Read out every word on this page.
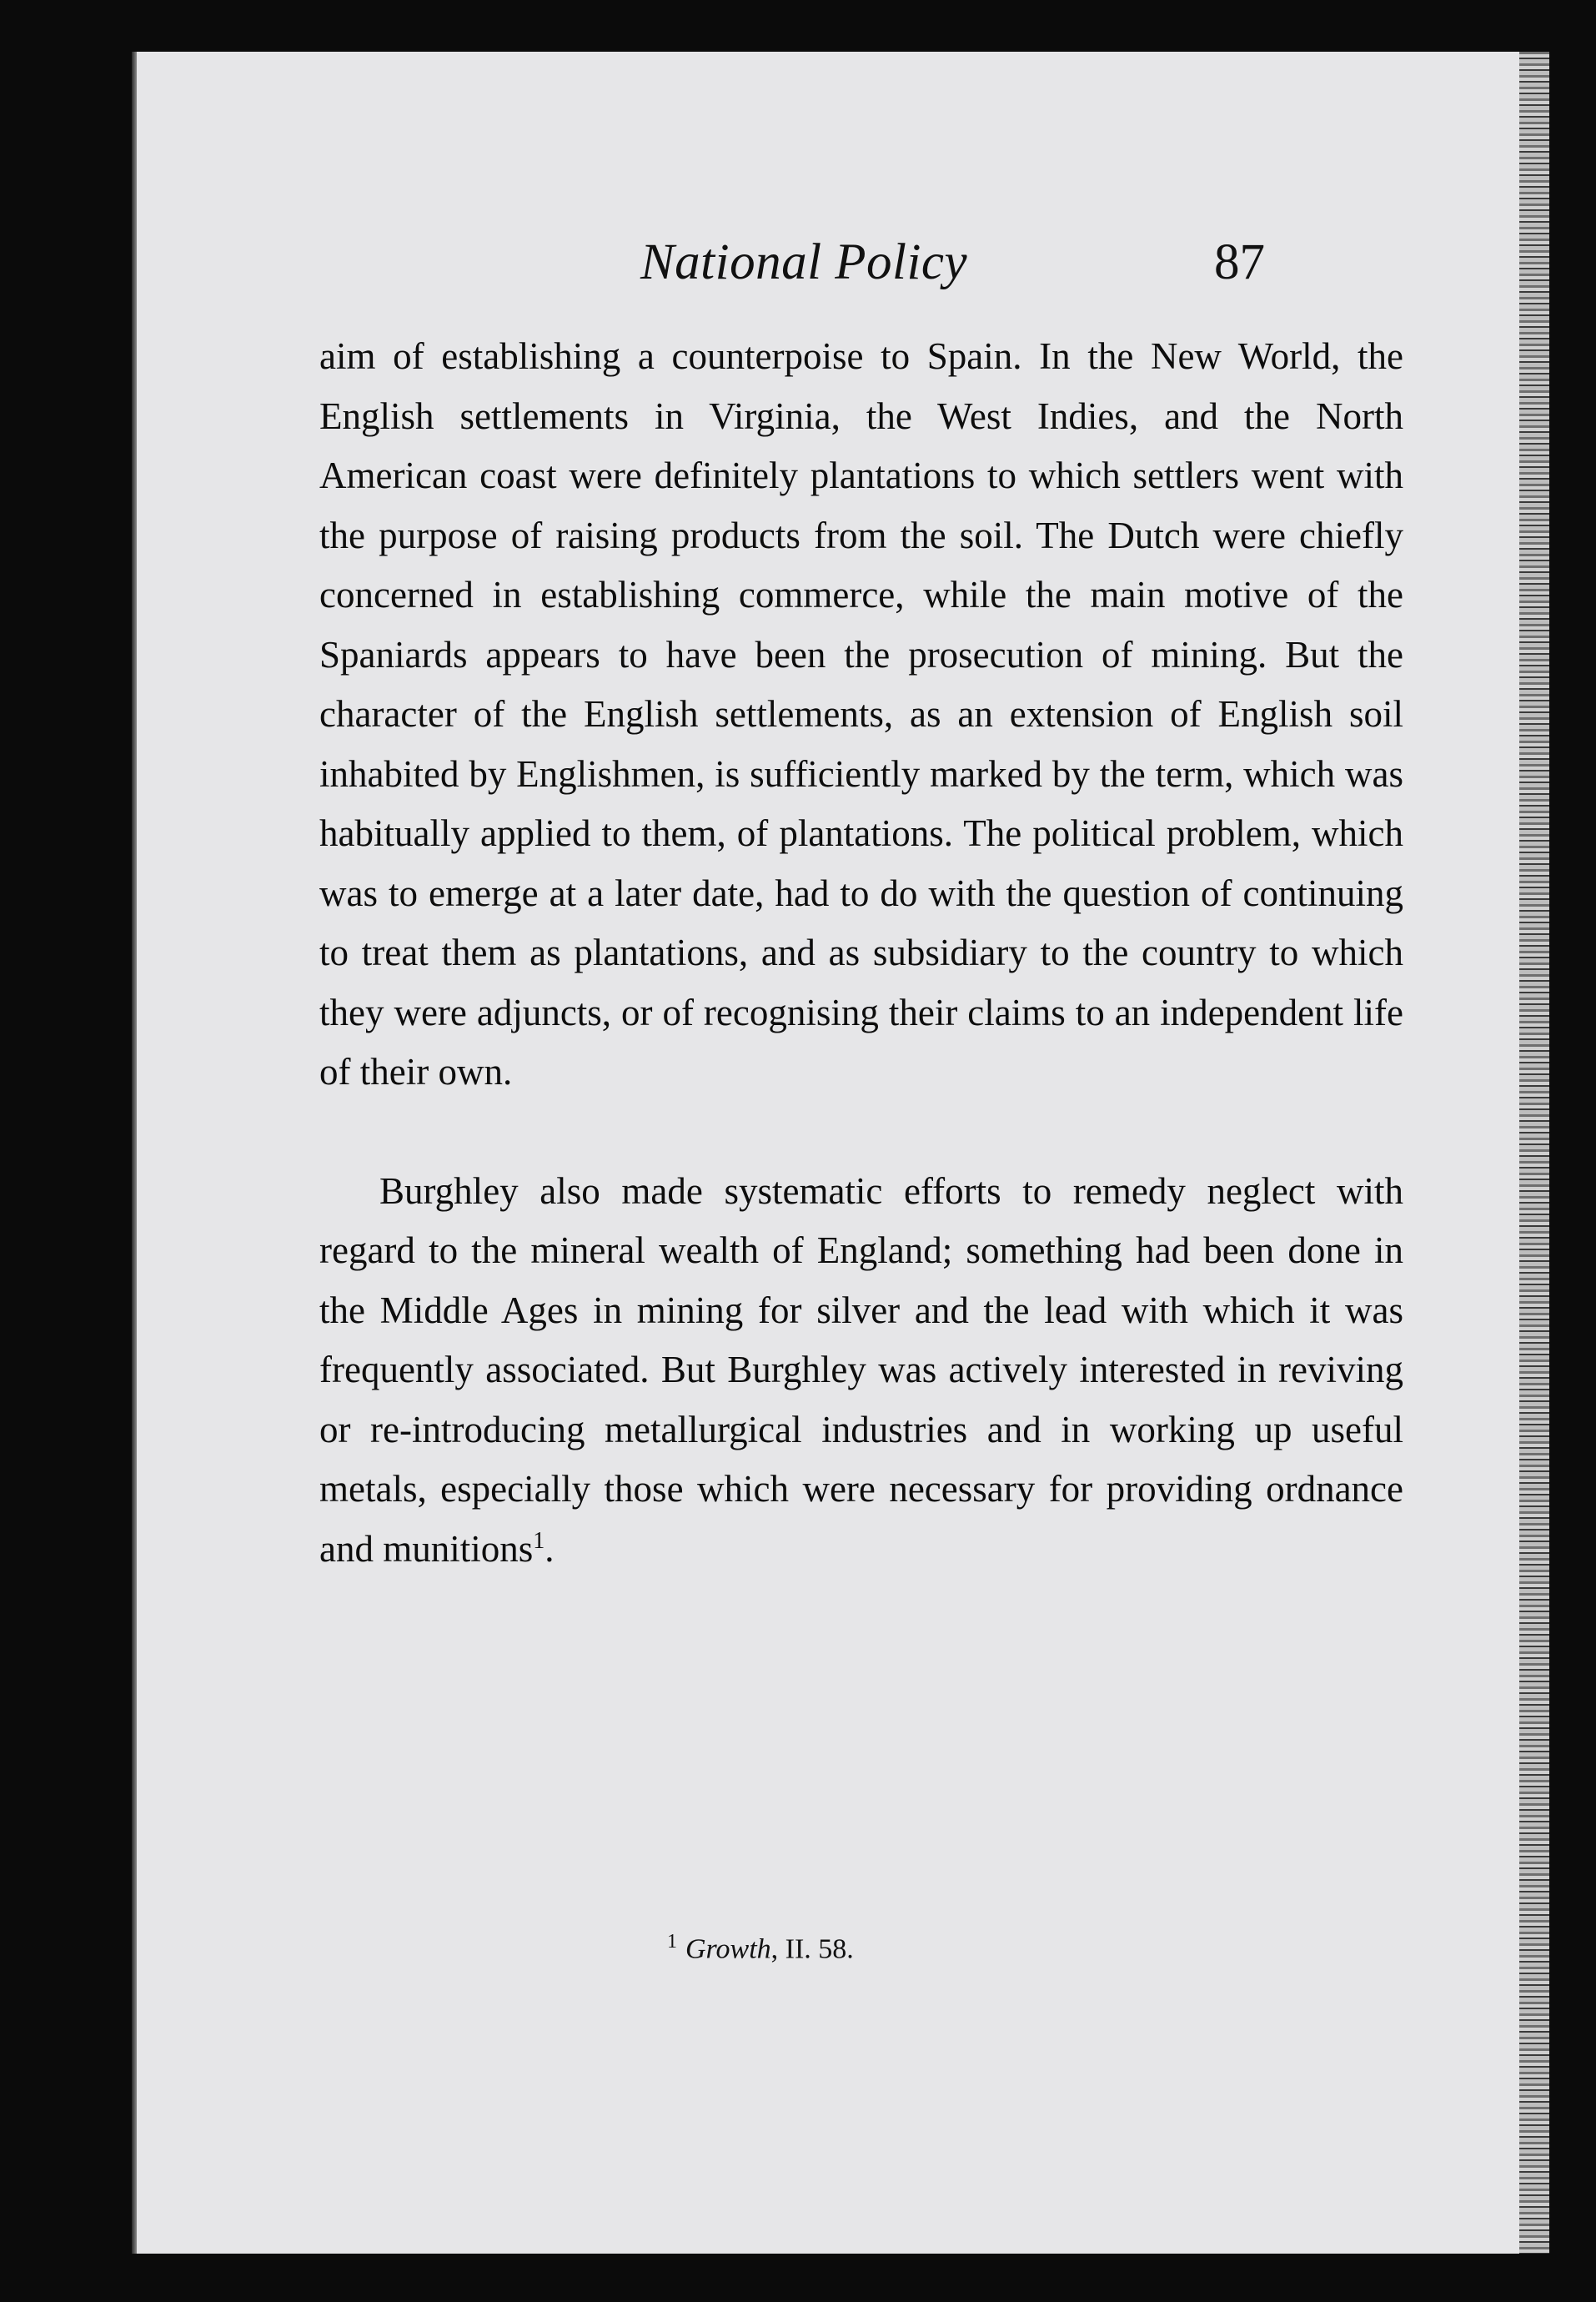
National Policy	87

aim of establishing a counterpoise to Spain. In the New World, the English settlements in Virginia, the West Indies, and the North American coast were definitely plantations to which settlers went with the purpose of raising products from the soil. The Dutch were chiefly concerned in establishing commerce, while the main motive of the Spaniards appears to have been the prosecution of mining. But the character of the English settlements, as an extension of English soil inhabited by Englishmen, is sufficiently marked by the term, which was habitually applied to them, of plantations. The political problem, which was to emerge at a later date, had to do with the question of continuing to treat them as plantations, and as subsidiary to the country to which they were adjuncts, or of recognising their claims to an independent life of their own.

Burghley also made systematic efforts to remedy neglect with regard to the mineral wealth of England; something had been done in the Middle Ages in mining for silver and the lead with which it was frequently associated. But Burghley was actively interested in reviving or re-introducing metallurgical industries and in working up useful metals, especially those which were necessary for providing ordnance and munitions$^1$.

$^1$ Growth, II. 58.
